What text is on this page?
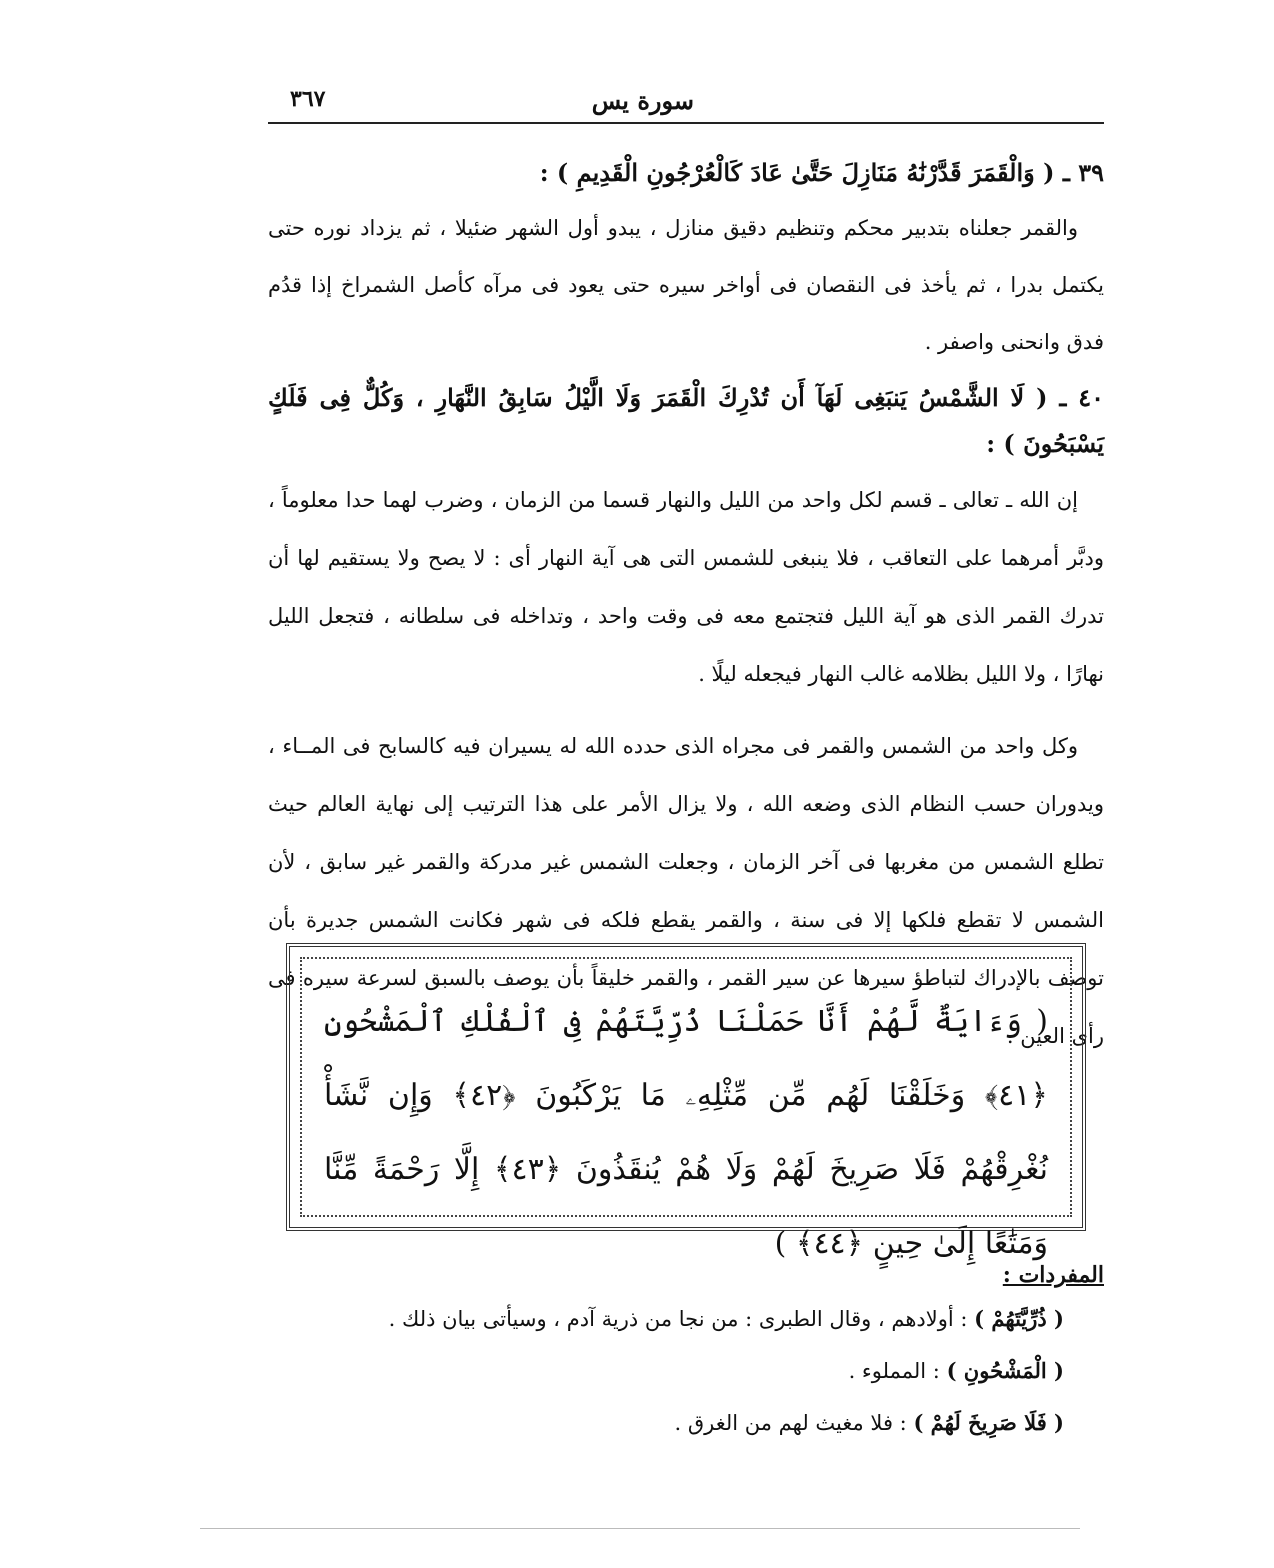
سورة يس
٣٦٧

٣٩ ـ ( وَالْقَمَرَ قَدَّرْنَٰهُ مَنَازِلَ حَتَّىٰ عَادَ كَالْعُرْجُونِ الْقَدِيمِ ) :

والقمر جعلناه بتدبير محكم وتنظيم دقيق منازل ، يبدو أول الشهر ضئيلا ، ثم يزداد نوره حتى يكتمل بدرا ، ثم يأخذ فى النقصان فى أواخر سيره حتى يعود فى مرآه كأصل الشمراخ إذا قدُم فدق وانحنى واصفر .

٤٠ ـ ( لَا الشَّمْسُ يَنبَغِى لَهَآ أَن تُدْرِكَ الْقَمَرَ وَلَا الَّيْلُ سَابِقُ النَّهَارِ ، وَكُلٌّ فِى فَلَكٍ يَسْبَحُونَ ) :

إن الله ـ تعالى ـ قسم لكل واحد من الليل والنهار قسما من الزمان ، وضرب لهما حدا معلوماً ، ودبَّر أمرهما على التعاقب ، فلا ينبغى للشمس التى هى آية النهار أى : لا يصح ولا يستقيم لها أن تدرك القمر الذى هو آية الليل فتجتمع معه فى وقت واحد ، وتداخله فى سلطانه ، فتجعل الليل نهارًا ، ولا الليل بظلامه غالب النهار فيجعله ليلًا .

وكل واحد من الشمس والقمر فى مجراه الذى حدده الله له يسيران فيه كالسابح فى المــاء ، ويدوران حسب النظام الذى وضعه الله ، ولا يزال الأمر على هذا الترتيب إلى نهاية العالم حيث تطلع الشمس من مغربها فى آخر الزمان ، وجعلت الشمس غير مدركة والقمر غير سابق ، لأن الشمس لا تقطع فلكها إلا فى سنة ، والقمر يقطع فلكه فى شهر فكانت الشمس جديرة بأن توصف بالإدراك لتباطؤ سيرها عن سير القمر ، والقمر خليقاً بأن يوصف بالسبق لسرعة سيره فى رأى العين .

( وَءَايَةٌ لَّهُمْ أَنَّا حَمَلْنَا ذُرِّيَّتَهُمْ فِى ٱلْفُلْكِ ٱلْمَشْحُونِ ﴿٤١﴾ وَخَلَقْنَا لَهُم مِّن مِّثْلِهِۦ مَا يَرْكَبُونَ ﴿٤٢﴾ وَإِن نَّشَأْ نُغْرِقْهُمْ فَلَا صَرِيخَ لَهُمْ وَلَا هُمْ يُنقَذُونَ ﴿٤٣﴾ إِلَّا رَحْمَةً مِّنَّا وَمَتَٰعًا إِلَىٰ حِينٍ ﴿٤٤﴾ )

المفردات :

( ذُرِّيَّتَهُمْ ) : أولادهم ، وقال الطبرى : من نجا من ذرية آدم ، وسيأتى بيان ذلك .

( الْمَشْحُونِ ) : المملوء .

( فَلَا صَرِيخَ لَهُمْ ) : فلا مغيث لهم من الغرق .
